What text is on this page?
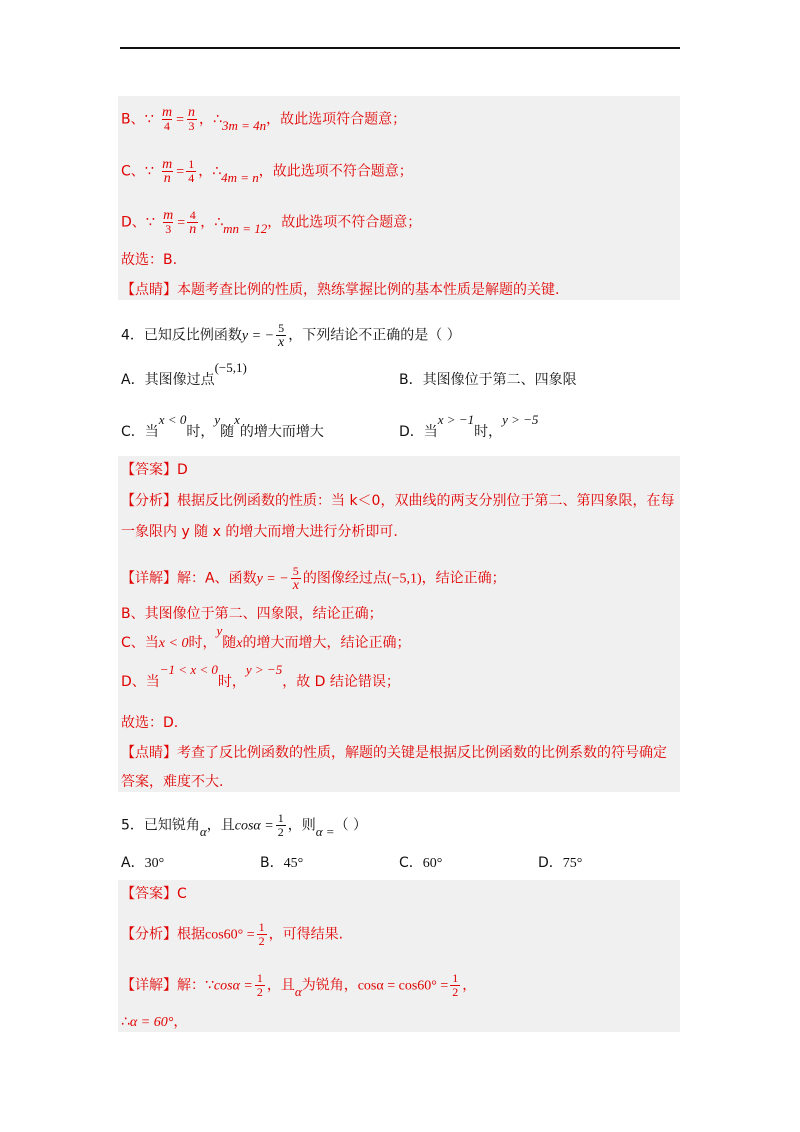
B、∵ $\frac{m}{4} = \frac{n}{3}$ ，∴3m = 4n，故此选项符合题意；
C、∵ $\frac{m}{n} = \frac{1}{4}$ ，∴4m = n，故此选项不符合题意；
D、∵ $\frac{m}{3} = \frac{4}{n}$ ，∴mn = 12，故此选项不符合题意；
故选：B.
【点睛】本题考查比例的性质，熟练掌握比例的基本性质是解题的关键.
4．已知反比例函数y = − $\frac{5}{x}$ ，下列结论不正确的是（ ）
A．其图像过点(−5,1)
B．其图像位于第二、四象限
C．当x < 0时，y随x的增大而增大	D．当x > −1时，y > −5
【答案】D
【分析】根据反比例函数的性质：当 k＜0，双曲线的两支分别位于第二、第四象限，在每
一象限内 y 随 x 的增大而增大进行分析即可.
【详解】解：A、函数y = − $\frac{5}{x}$ 的图像经过点(−5,1)，结论正确；
B、其图像位于第二、四象限，结论正确；
C、当x < 0时，y随x的增大而增大，结论正确；
D、当−1 < x < 0时，y > −5，故 D 结论错误；
故选：D.
【点睛】考查了反比例函数的性质，解题的关键是根据反比例函数的比例系数的符号确定
答案，难度不大.
5．已知锐角α，且$\cos\alpha = \frac{1}{2}$ ，则α =（ ）
A．30°	B．45°	C．60°	D．75°
【答案】C
【分析】根据$\cos 60^\circ = \frac{1}{2}$ ，可得结果.
【详解】解：∵cosα = $\frac{1}{2}$ ，且α为锐角，$\cos\alpha = \cos 60^\circ = \frac{1}{2}$ ，
∴α = 60°，
